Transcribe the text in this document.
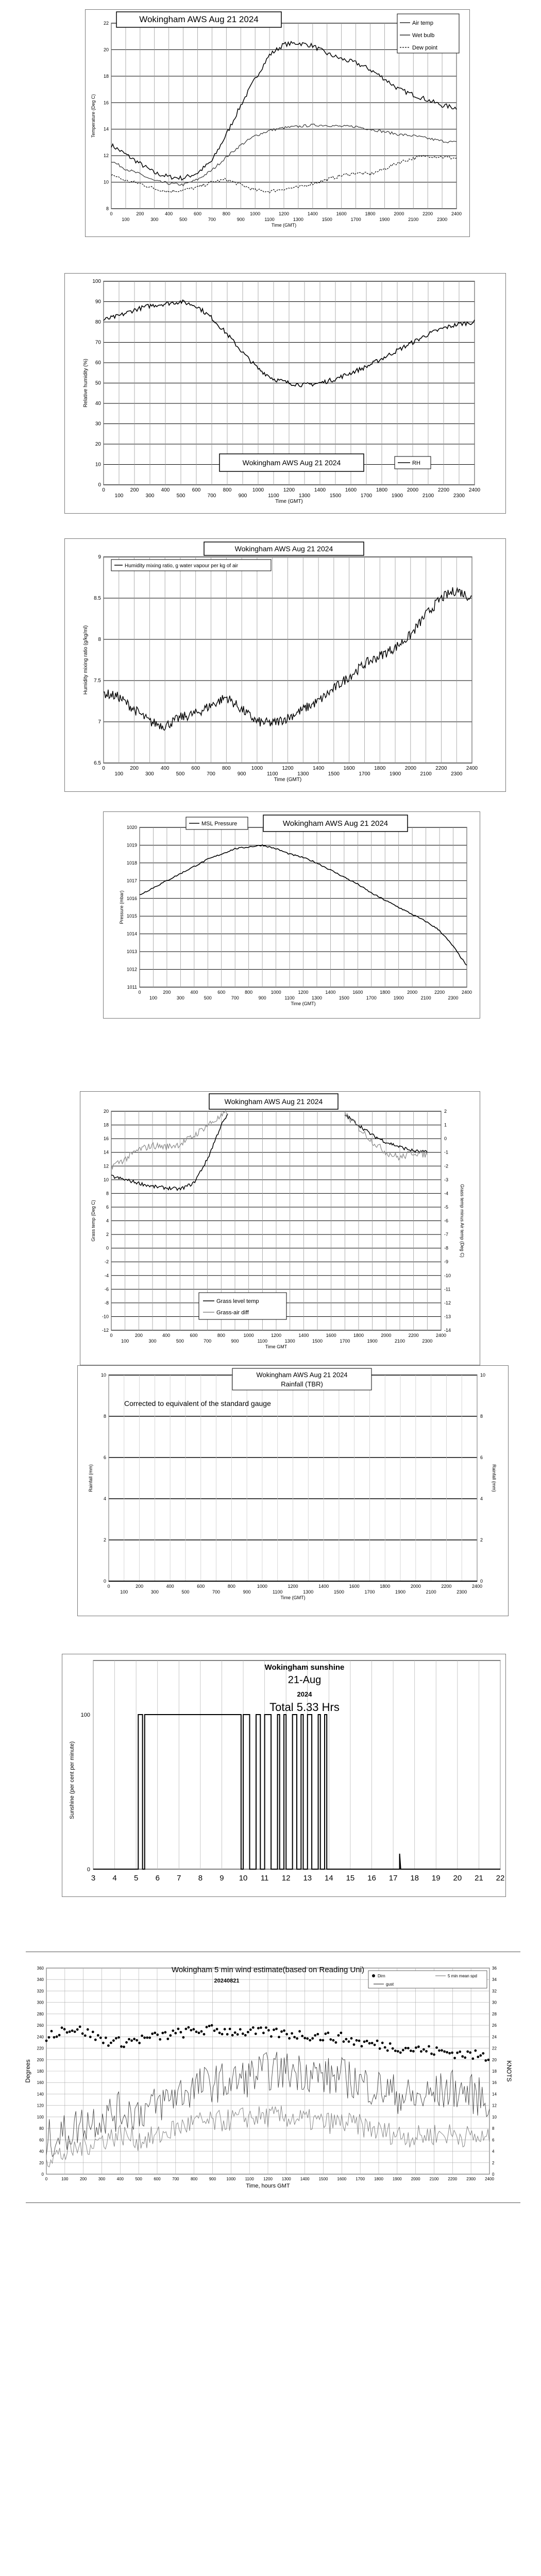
8
10
12
14
16
18
20
22
0	200	400	600	800	1000	1200	1400	1600	1800	2000	2200	2400
100	300	500	700	900	1100	1300	1500	1700	1900	2100	2300
Time (GMT)
Temperature (Deg C)
Wokingham AWS Aug 21 2024	Air temp
Wet bulb
Dew point
0
10
20
30
40
50
60
70
80
90
100
0	200	400	600	800	1000	1200	1400	1600	1800	2000	2200	2400
100	300	500	700	900	1100	1300	1500	1700	1900	2100	2300
Time (GMT)
Relative humidity (%)
Wokingham AWS Aug 21 2024	RH
6.5
7
7.5
8
8.5
9
0	200	400	600	800	1000	1200	1400	1600	1800	2000	2200	2400
100	300	500	700	900	1100	1300	1500	1700	1900	2100	2300
Time (GMT)
Humidity mixing ratio (g/kg/ml)
Wokingham AWS Aug 21 2024
Humidity mixing ratio, g water vapour per kg of air
1011
1012
1013
1014
1015
1016
1017
1018
1019
1020
0	200	400	600	800	1000	1200	1400	1600	1800	2000	2200	2400
100	300	500	700	900	1100	1300	1500	1700	1900	2100	2300
Time (GMT)
Pressure (mbar)
Wokingham AWS Aug 21 2024
MSL Pressure
-12
-10
-8
-6
-4
-2
0
2
4
6
8
10
12
14
16
18
20
0	200	400	600	800	1000	1200	1400	1600	1800	2000	2200	2400
100	300	500	700	900	1100	1300	1500	1700	1900	2100	2300
Time GMT
Grass temp (Deg C)
-14
-13
-12
-11
-10
-9
-8
-7
-6
-5
-4
-3
-2
-1
0
1
2
Grass temp minus Air temp (Deg C)
Wokingham AWS Aug 21 2024
Grass level temp
Grass-air diff
0
2
4
6
8
10
0	200	400	600	800	1000	1200	1400	1600	1800	2000	2200	2400
100	300	500	700	900	1100	1300	1500	1700	1900	2100	2300
Time (GMT)
Rainfall (mm)
0
2
4
6
8
10
Rainfall (mm)
Wokingham AWS Aug 21 2024
Rainfall (TBR)
Corrected to equivalent of the standard gauge
3 4 5 6 7 8 9 10 11 12 13 14 15 16 17 18 19 20 21 22
0
100
Sunshine (per cent per minute)
Wokingham sunshine
21-Aug
2024
Total 5.33 Hrs
0
20
40
60
80
100
120
140
160
180
200
220
240
260
280
300
320
340
360
0
2
4
6
8
10
12
14
16
18
20
22
24
26
28
30
32
34
36
0	100	200	300	400	500	600	700	800	900	1000 1100 1200 1300 1400 1500 1600 1700 1800 1900 2000 2100 2200 2300 2400
Time, hours GMT
Degrees	KNOTS
Wokingham 5 min wind estimate(based on Reading Uni)
20240821
Dirn	5 min mean spd
gust
